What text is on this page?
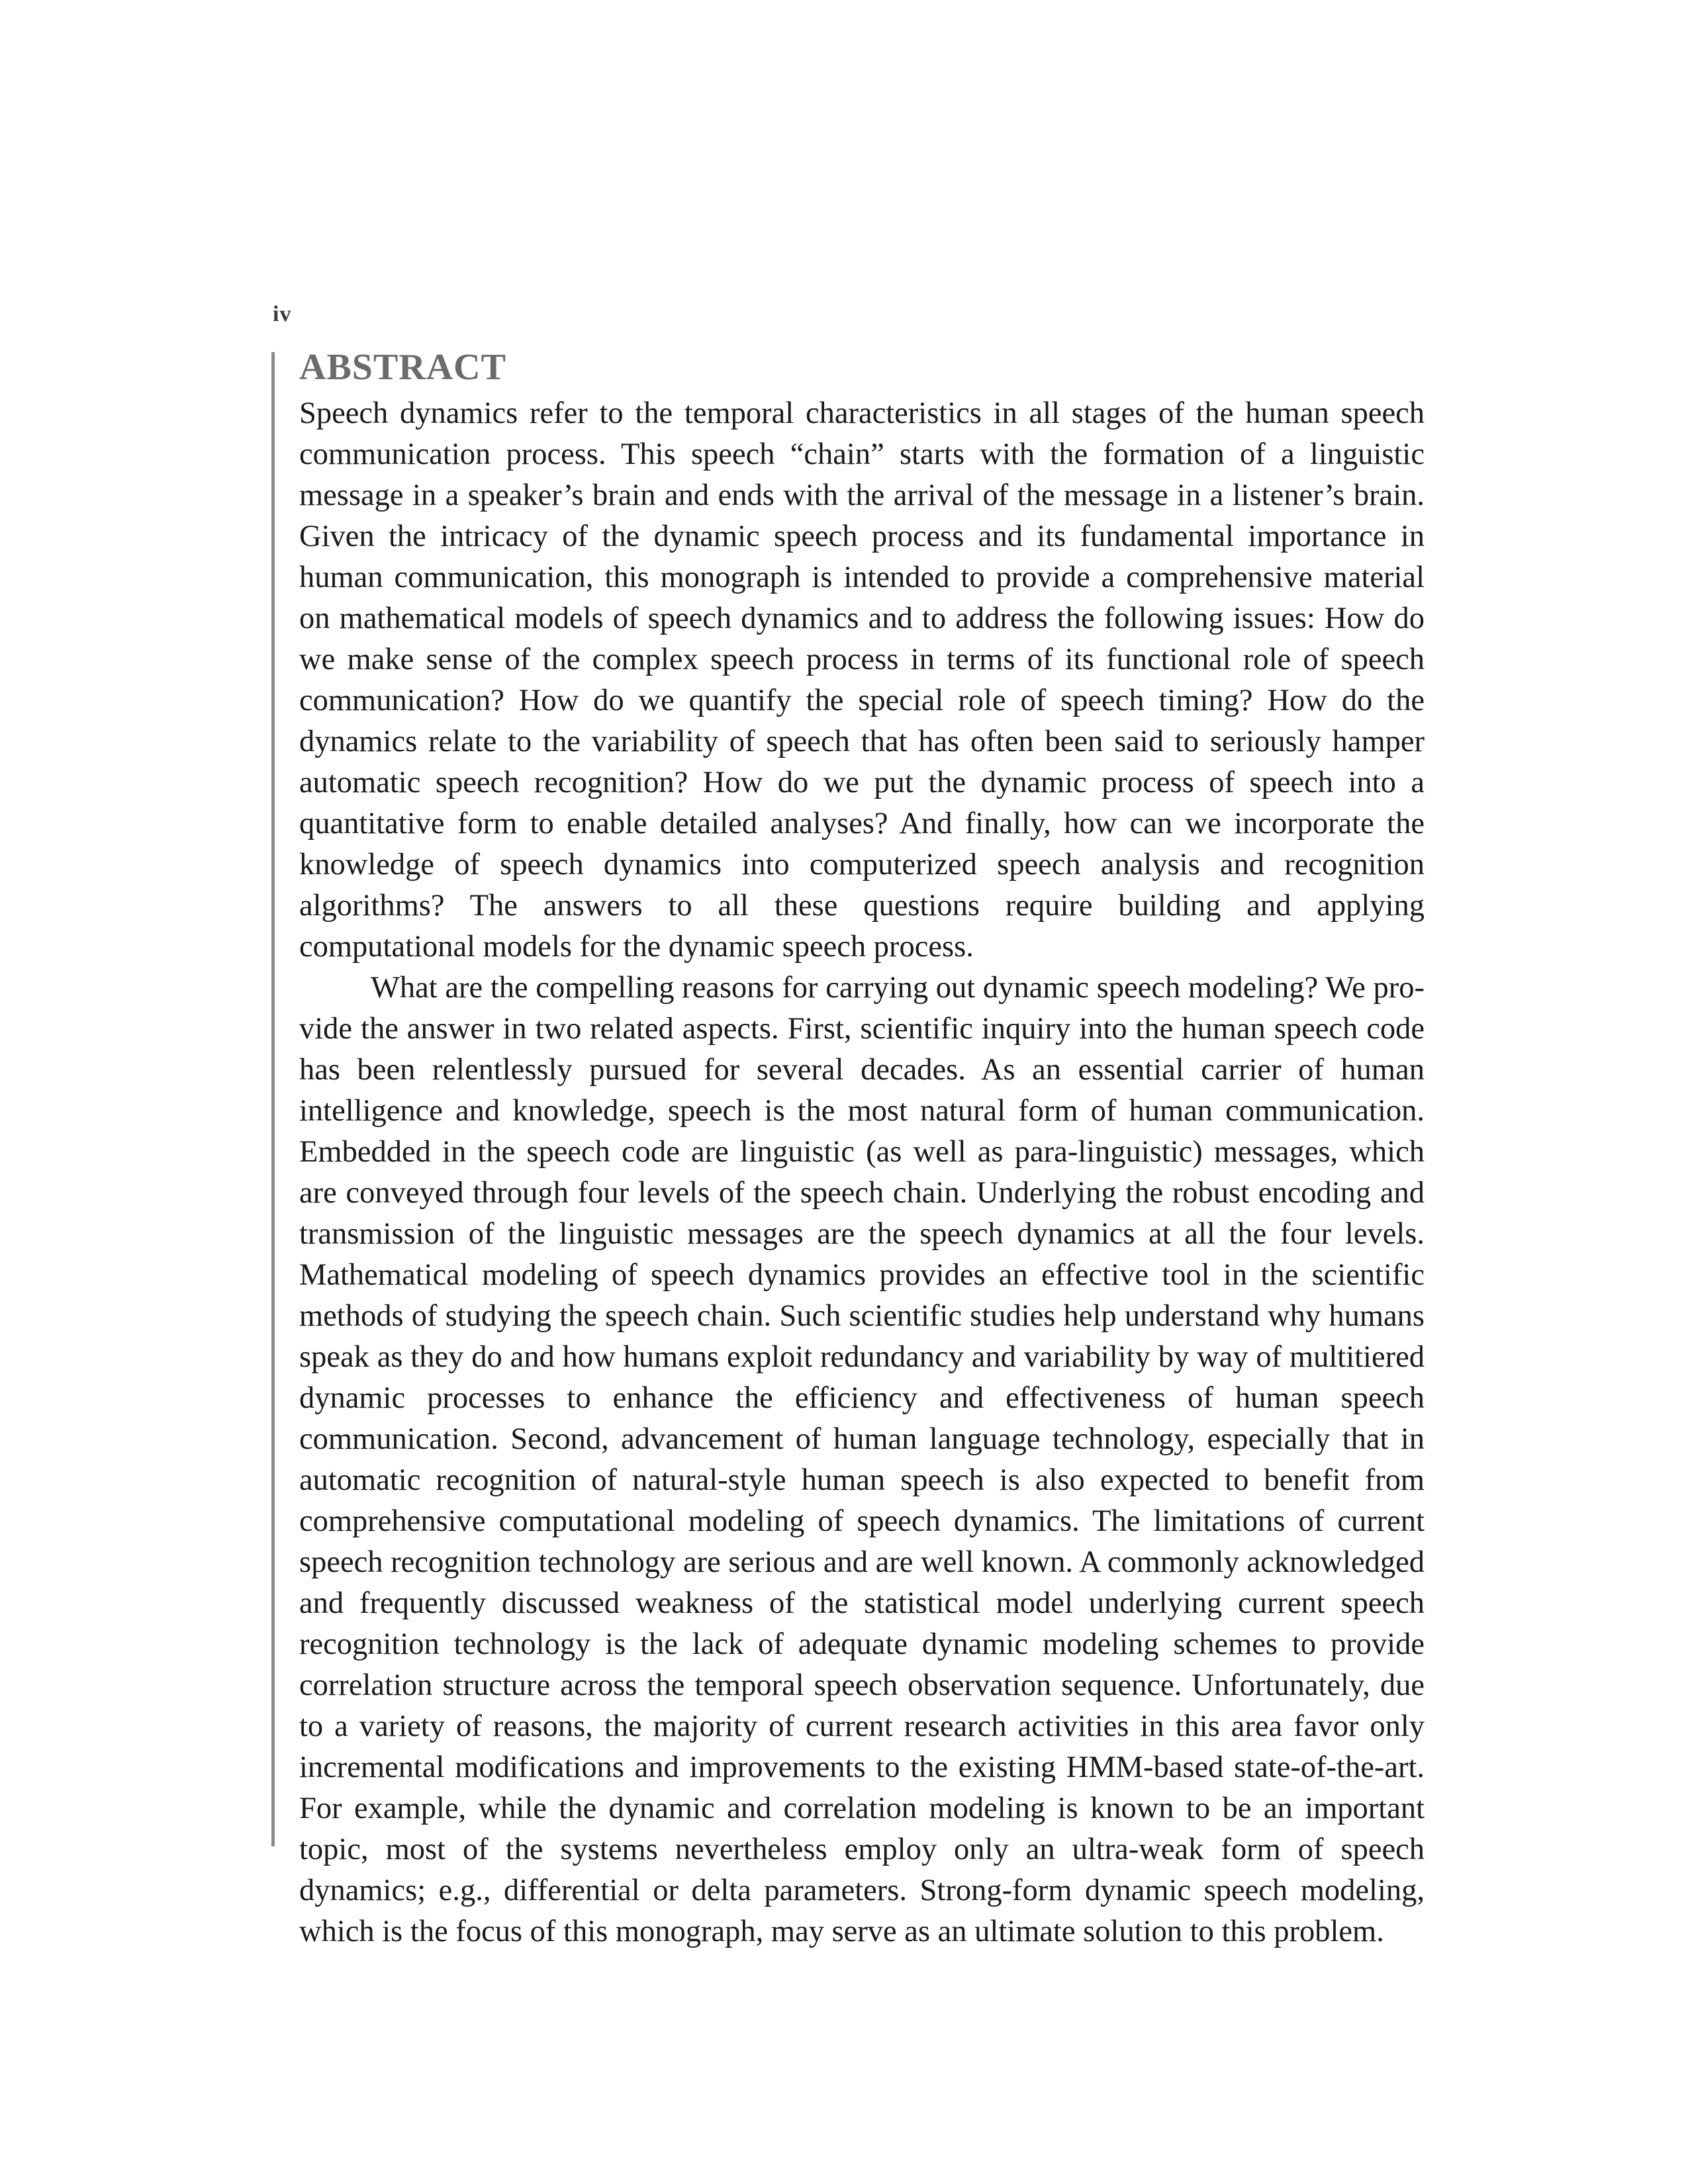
iv
ABSTRACT

Speech dynamics refer to the temporal characteristics in all stages of the human speech communication process. This speech “chain” starts with the formation of a linguistic message in a speaker’s brain and ends with the arrival of the message in a listener’s brain. Given the intricacy of the dynamic speech process and its fundamental importance in human communication, this monograph is intended to provide a comprehensive material on mathematical models of speech dynamics and to address the following issues: How do we make sense of the complex speech process in terms of its functional role of speech communication? How do we quantify the special role of speech timing? How do the dynamics relate to the variability of speech that has often been said to seriously hamper automatic speech recognition? How do we put the dynamic process of speech into a quantitative form to enable detailed analyses? And finally, how can we incorporate the knowledge of speech dynamics into computerized speech analysis and recognition algorithms? The answers to all these questions require building and applying computational models for the dynamic speech process.

What are the compelling reasons for carrying out dynamic speech modeling? We provide the answer in two related aspects. First, scientific inquiry into the human speech code has been relentlessly pursued for several decades. As an essential carrier of human intelligence and knowledge, speech is the most natural form of human communication. Embedded in the speech code are linguistic (as well as para-linguistic) messages, which are conveyed through four levels of the speech chain. Underlying the robust encoding and transmission of the linguistic messages are the speech dynamics at all the four levels. Mathematical modeling of speech dynamics provides an effective tool in the scientific methods of studying the speech chain. Such scientific studies help understand why humans speak as they do and how humans exploit redundancy and variability by way of multitiered dynamic processes to enhance the efficiency and effectiveness of human speech communication. Second, advancement of human language technology, especially that in automatic recognition of natural-style human speech is also expected to benefit from comprehensive computational modeling of speech dynamics. The limitations of current speech recognition technology are serious and are well known. A commonly acknowledged and frequently discussed weakness of the statistical model underlying current speech recognition technology is the lack of adequate dynamic modeling schemes to provide correlation structure across the temporal speech observation sequence. Unfortunately, due to a variety of reasons, the majority of current research activities in this area favor only incremental modifications and improvements to the existing HMM-based state-of-the-art. For example, while the dynamic and correlation modeling is known to be an important topic, most of the systems nevertheless employ only an ultra-weak form of speech dynamics; e.g., differential or delta parameters. Strong-form dynamic speech modeling, which is the focus of this monograph, may serve as an ultimate solution to this problem.
